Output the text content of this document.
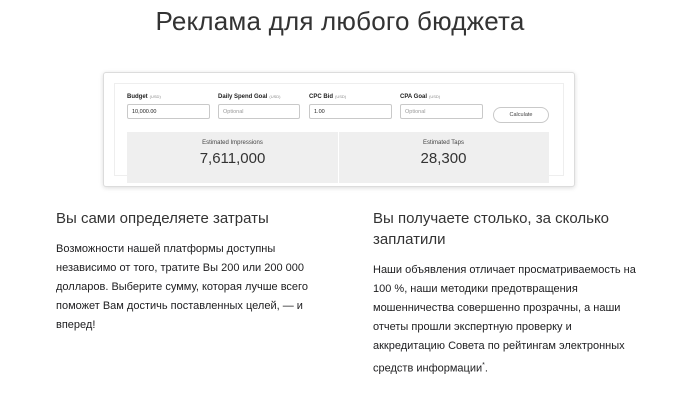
Реклама для любого бюджета
Budget $^{(USD)}$
10,000.00
Daily Spend Goal $^{(USD)}$
Optional
CPC Bid $^{(USD)}$
1.00
CPA Goal $^{(USD)}$
Optional	Calculate
Estimated Impressions
7,611,000
Estimated Taps
28,300
Вы сами определяете затраты
Возможности нашей платформы доступны независимо от того, тратите Вы 200 или 200 000 долларов. Выберите сумму, которая лучше всего поможет Вам достичь поставленных целей, — и вперед!
Вы получаете столько, за сколько заплатили
Наши объявления отличает просматриваемость на 100 %, наши методики предотвращения мошенничества совершенно прозрачны, а наши отчеты прошли экспертную проверку и аккредитацию Совета по рейтингам электронных средств информации*.
